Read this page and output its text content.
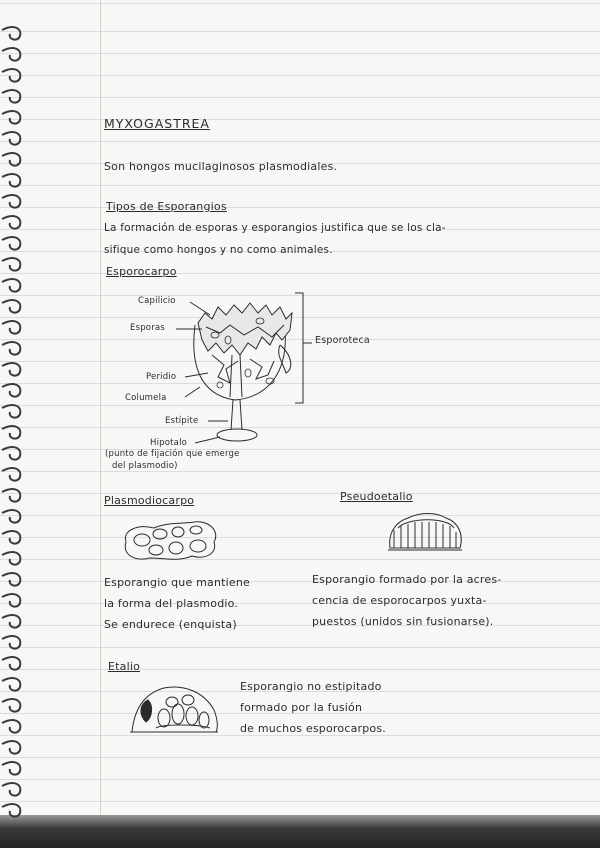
MYXOGASTREA
Son hongos mucilaginosos plasmodiales.
Tipos de Esporangios
La formación de esporas y esporangios justifica que se los cla-
sifique como hongos y no como animales.
Esporocarpo
Capilicio
Esporas
Peridio
Columela
Estípite
Hipotalo
(punto de fijación que emerge
del plasmodio)
Esporoteca
Plasmodiocarpo
Esporangio que mantiene
la forma del plasmodio.
Se endurece (enquista)
Pseudoetalio
Esporangio formado por la acres-
cencia de esporocarpos yuxta-
puestos (unidos sin fusionarse).
Etalio
Esporangio no estipitado
formado por la fusión
de muchos esporocarpos.
